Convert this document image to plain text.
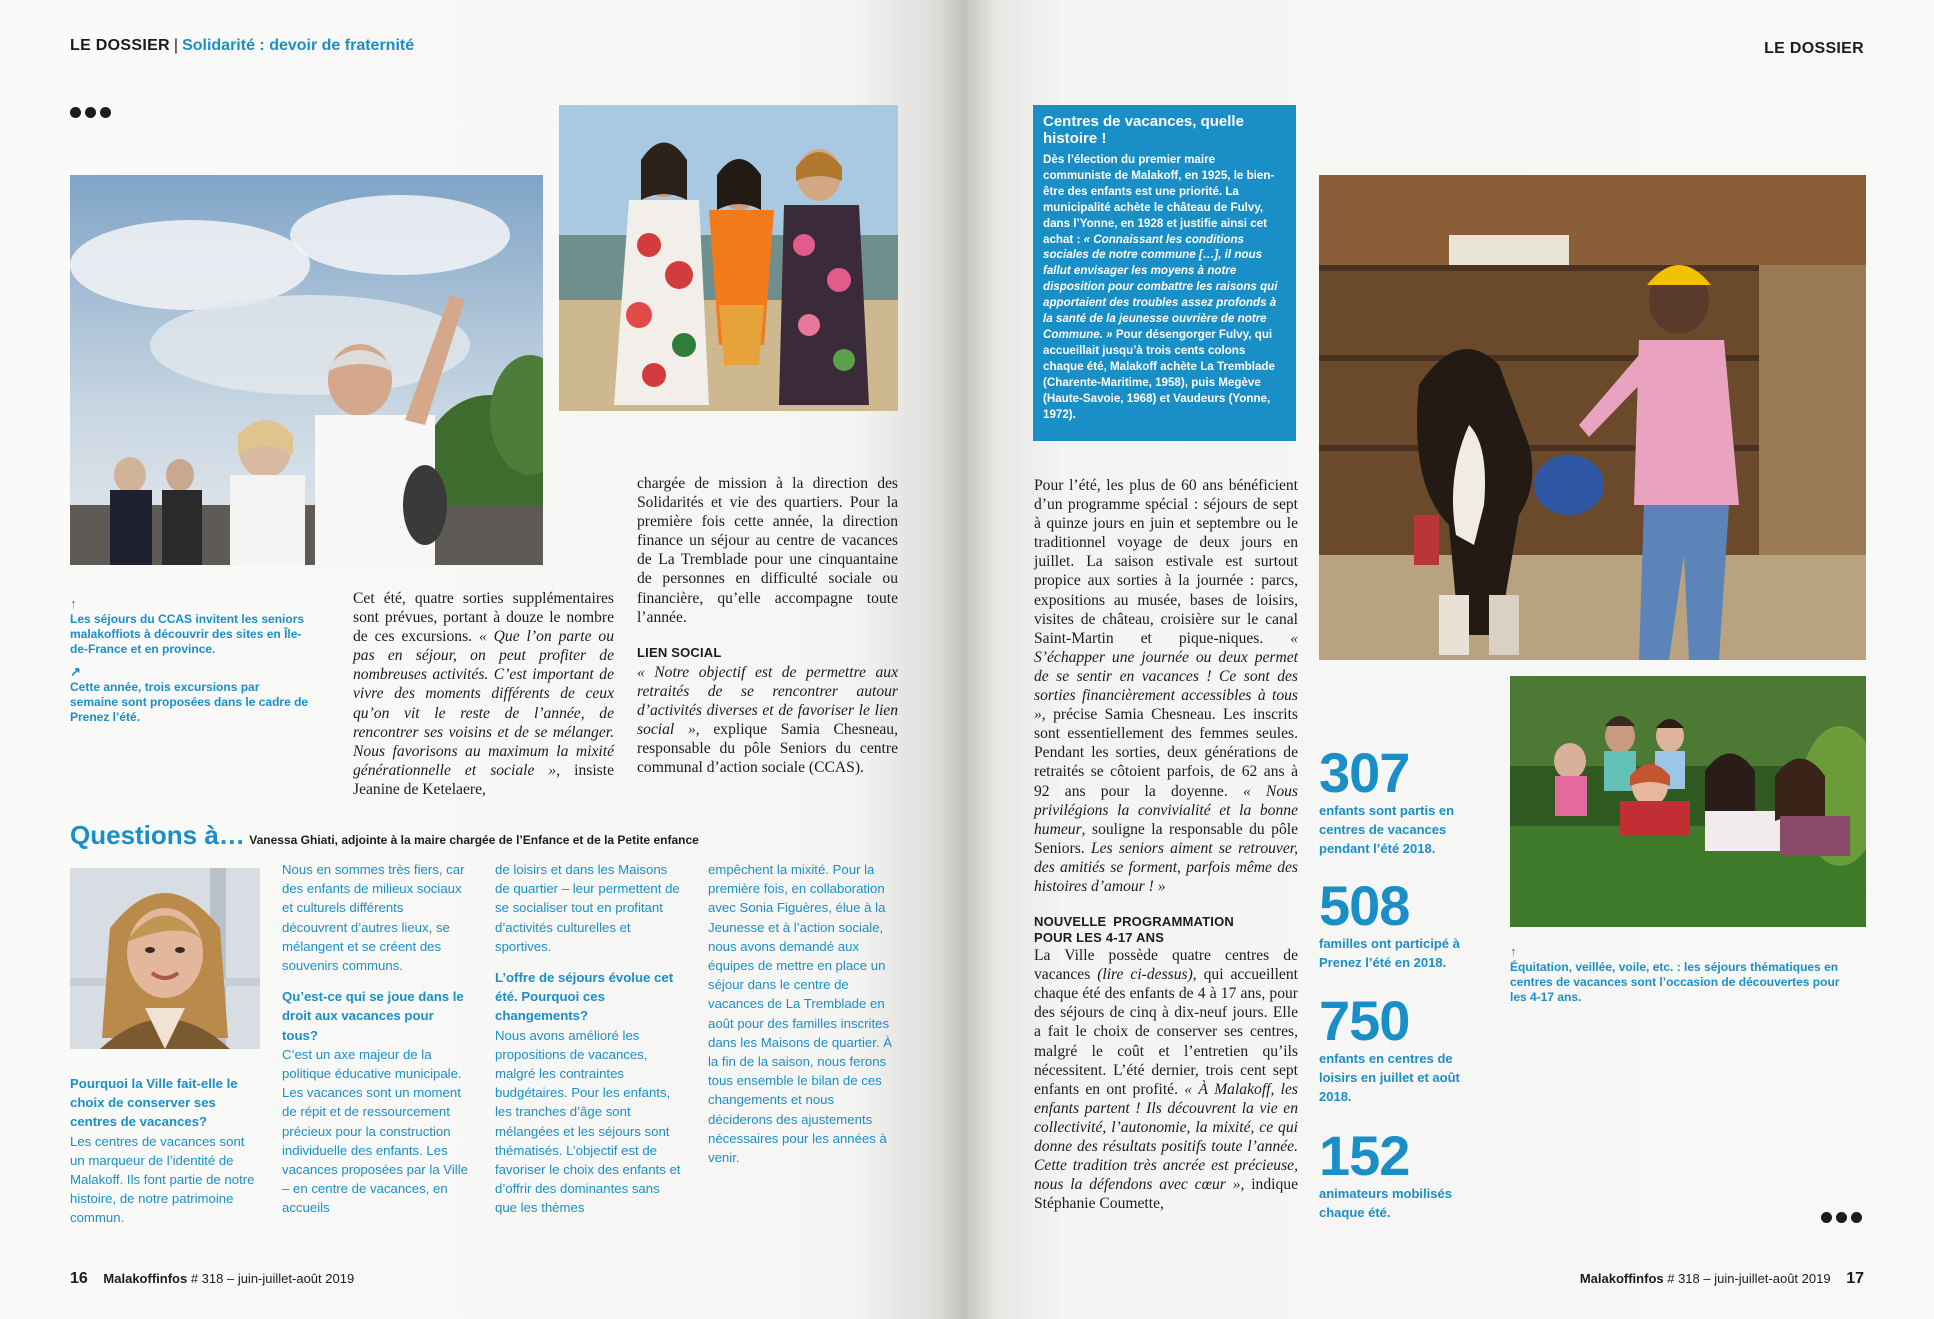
LE DOSSIER | Solidarité : devoir de fraternité
↑

Les séjours du CCAS invitent les seniors malakoffiots à découvrir des sites en Île-de-France et en province.

↗

Cette année, trois excursions par semaine sont proposées dans le cadre de Prenez l’été.

Cet été, quatre sorties supplémentaires sont prévues, portant à douze le nombre de ces excursions. « Que l’on parte ou pas en séjour, on peut profiter de nombreuses activités. C’est important de vivre des moments différents de ceux qu’on vit le reste de l’année, de rencontrer ses voisins et de se mélanger. Nous favorisons au maximum la mixité générationnelle et sociale », insiste Jeanine de Ketelaere,

chargée de mission à la direction des Solidarités et vie des quartiers. Pour la première fois cette année, la direction finance un séjour au centre de vacances de La Tremblade pour une cinquantaine de personnes en difficulté sociale ou financière, qu’elle accompagne toute l’année.

LIEN SOCIAL

« Notre objectif est de permettre aux retraités de se rencontrer autour d’activités diverses et de favoriser le lien social », explique Samia Chesneau, responsable du pôle Seniors du centre communal d’action sociale (CCAS).

Questions à… Vanessa Ghiati, adjointe à la maire chargée de l’Enfance et de la Petite enfance

Pourquoi la Ville fait-elle le choix de conserver ses centres de vacances?
Les centres de vacances sont un marqueur de l’identité de Malakoff. Ils font partie de notre histoire, de notre patrimoine commun.

Nous en sommes très fiers, car des enfants de milieux sociaux et culturels différents découvrent d’autres lieux, se mélangent et se créent des souvenirs communs.

Qu’est-ce qui se joue dans le droit aux vacances pour tous?
C’est un axe majeur de la politique éducative municipale. Les vacances sont un moment de répit et de ressourcement précieux pour la construction individuelle des enfants. Les vacances proposées par la Ville – en centre de vacances, en accueils

de loisirs et dans les Maisons de quartier – leur permettent de se socialiser tout en profitant d’activités culturelles et sportives.

L’offre de séjours évolue cet été. Pourquoi ces changements?
Nous avons amélioré les propositions de vacances, malgré les contraintes budgétaires. Pour les enfants, les tranches d’âge sont mélangées et les séjours sont thématisés. L’objectif est de favoriser le choix des enfants et d’offrir des dominantes sans que les thèmes

empêchent la mixité. Pour la première fois, en collaboration avec Sonia Figuères, élue à la Jeunesse et à l’action sociale, nous avons demandé aux équipes de mettre en place un séjour dans le centre de vacances de La Tremblade en août pour des familles inscrites dans les Maisons de quartier. À la fin de la saison, nous ferons tous ensemble le bilan de ces changements et nous déciderons des ajustements nécessaires pour les années à venir.

16 Malakoffinfos # 318 – juin-juillet-août 2019
LE DOSSIER

Centres de vacances, quelle histoire !

Dès l’élection du premier maire communiste de Malakoff, en 1925, le bien-être des enfants est une priorité. La municipalité achète le château de Fulvy, dans l’Yonne, en 1928 et justifie ainsi cet achat : « Connaissant les conditions sociales de notre commune […], il nous fallut envisager les moyens à notre disposition pour combattre les raisons qui apportaient des troubles assez profonds à la santé de la jeunesse ouvrière de notre Commune. » Pour désengorger Fulvy, qui accueillait jusqu’à trois cents colons chaque été, Malakoff achète La Tremblade (Charente-Maritime, 1958), puis Megève (Haute-Savoie, 1968) et Vaudeurs (Yonne, 1972).

Pour l’été, les plus de 60 ans bénéficient d’un programme spécial : séjours de sept à quinze jours en juin et septembre ou le traditionnel voyage de deux jours en juillet. La saison estivale est surtout propice aux sorties à la journée : parcs, expositions au musée, bases de loisirs, visites de château, croisière sur le canal Saint-Martin et pique-niques. « S’échapper une journée ou deux permet de se sentir en vacances ! Ce sont des sorties financièrement accessibles à tous », précise Samia Chesneau. Les inscrits sont essentiellement des femmes seules. Pendant les sorties, deux générations de retraités se côtoient parfois, de 62 ans à 92 ans pour la doyenne. « Nous privilégions la convivialité et la bonne humeur, souligne la responsable du pôle Seniors. Les seniors aiment se retrouver, des amitiés se forment, parfois même des histoires d’amour ! »

NOUVELLE PROGRAMMATION POUR LES 4-17 ANS

La Ville possède quatre centres de vacances (lire ci-dessus), qui accueillent chaque été des enfants de 4 à 17 ans, pour des séjours de cinq à dix-neuf jours. Elle a fait le choix de conserver ses centres, malgré le coût et l’entretien qu’ils nécessitent. L’été dernier, trois cent sept enfants en ont profité. « À Malakoff, les enfants partent ! Ils découvrent la vie en collectivité, l’autonomie, la mixité, ce qui donne des résultats positifs toute l’année. Cette tradition très ancrée est précieuse, nous la défendons avec cœur », indique Stéphanie Coumette,

307

enfants sont partis en centres de vacances pendant l’été 2018.

508

familles ont participé à Prenez l’été en 2018.

750

enfants en centres de loisirs en juillet et août 2018.

152

animateurs mobilisés chaque été.

↑

Équitation, veillée, voile, etc. : les séjours thématiques en centres de vacances sont l’occasion de découvertes pour les 4-17 ans.

Malakoffinfos # 318 – juin-juillet-août 2019 17
